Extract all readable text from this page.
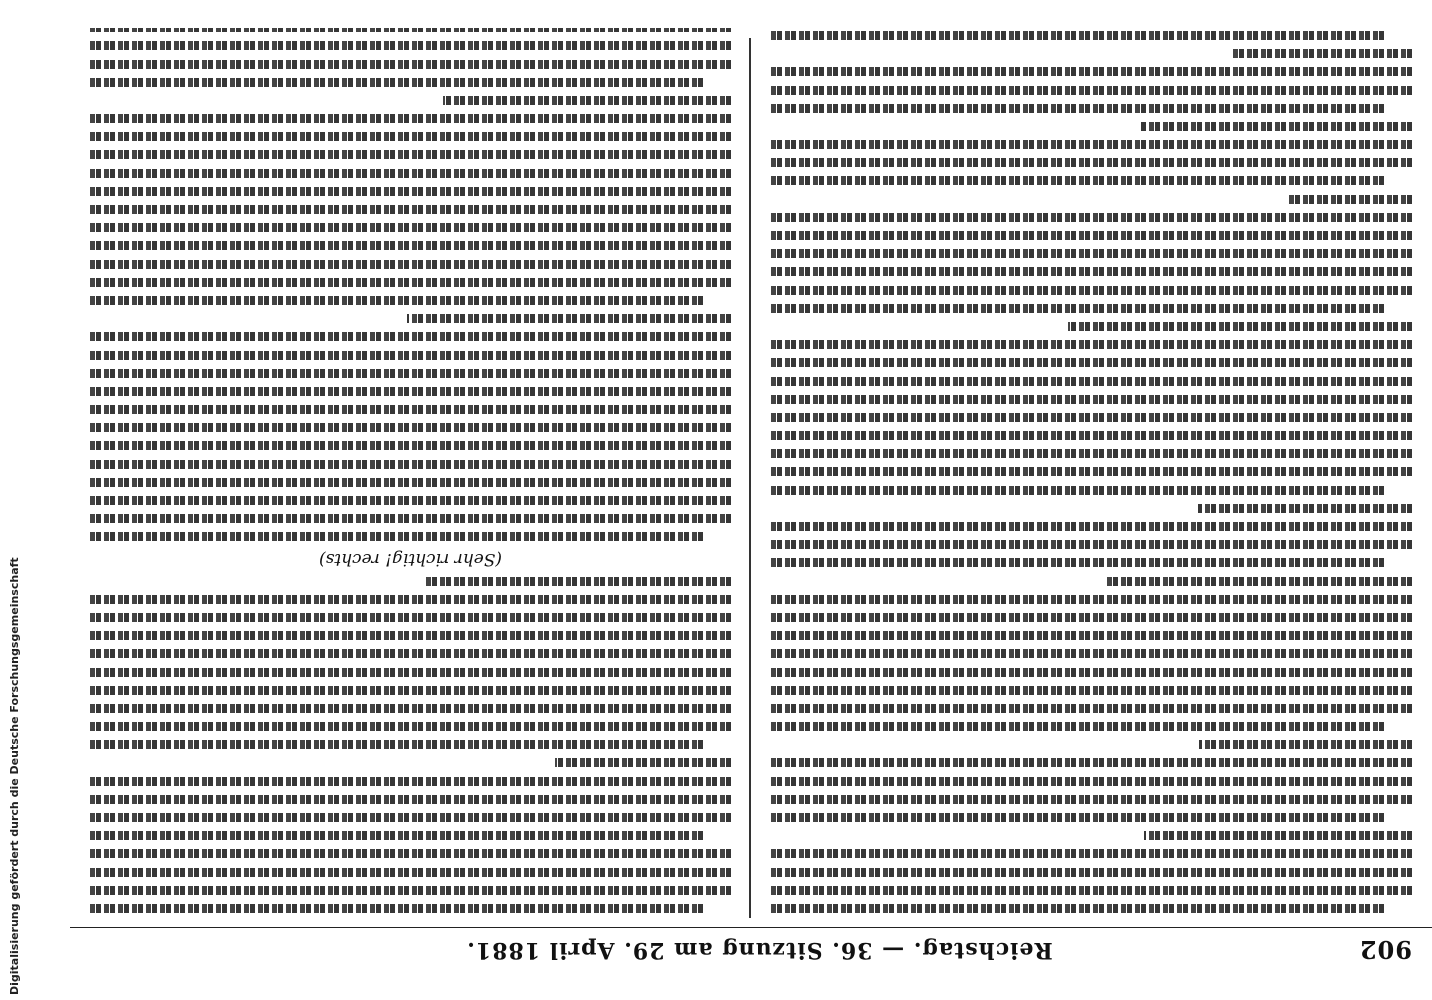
Digitalisierung gefördert durch die Deutsche Forschungsgemeinschaft	902
Reichstag. — 36. Sitzung am 29. April 1881.
(Sehr richtig! rechts)
